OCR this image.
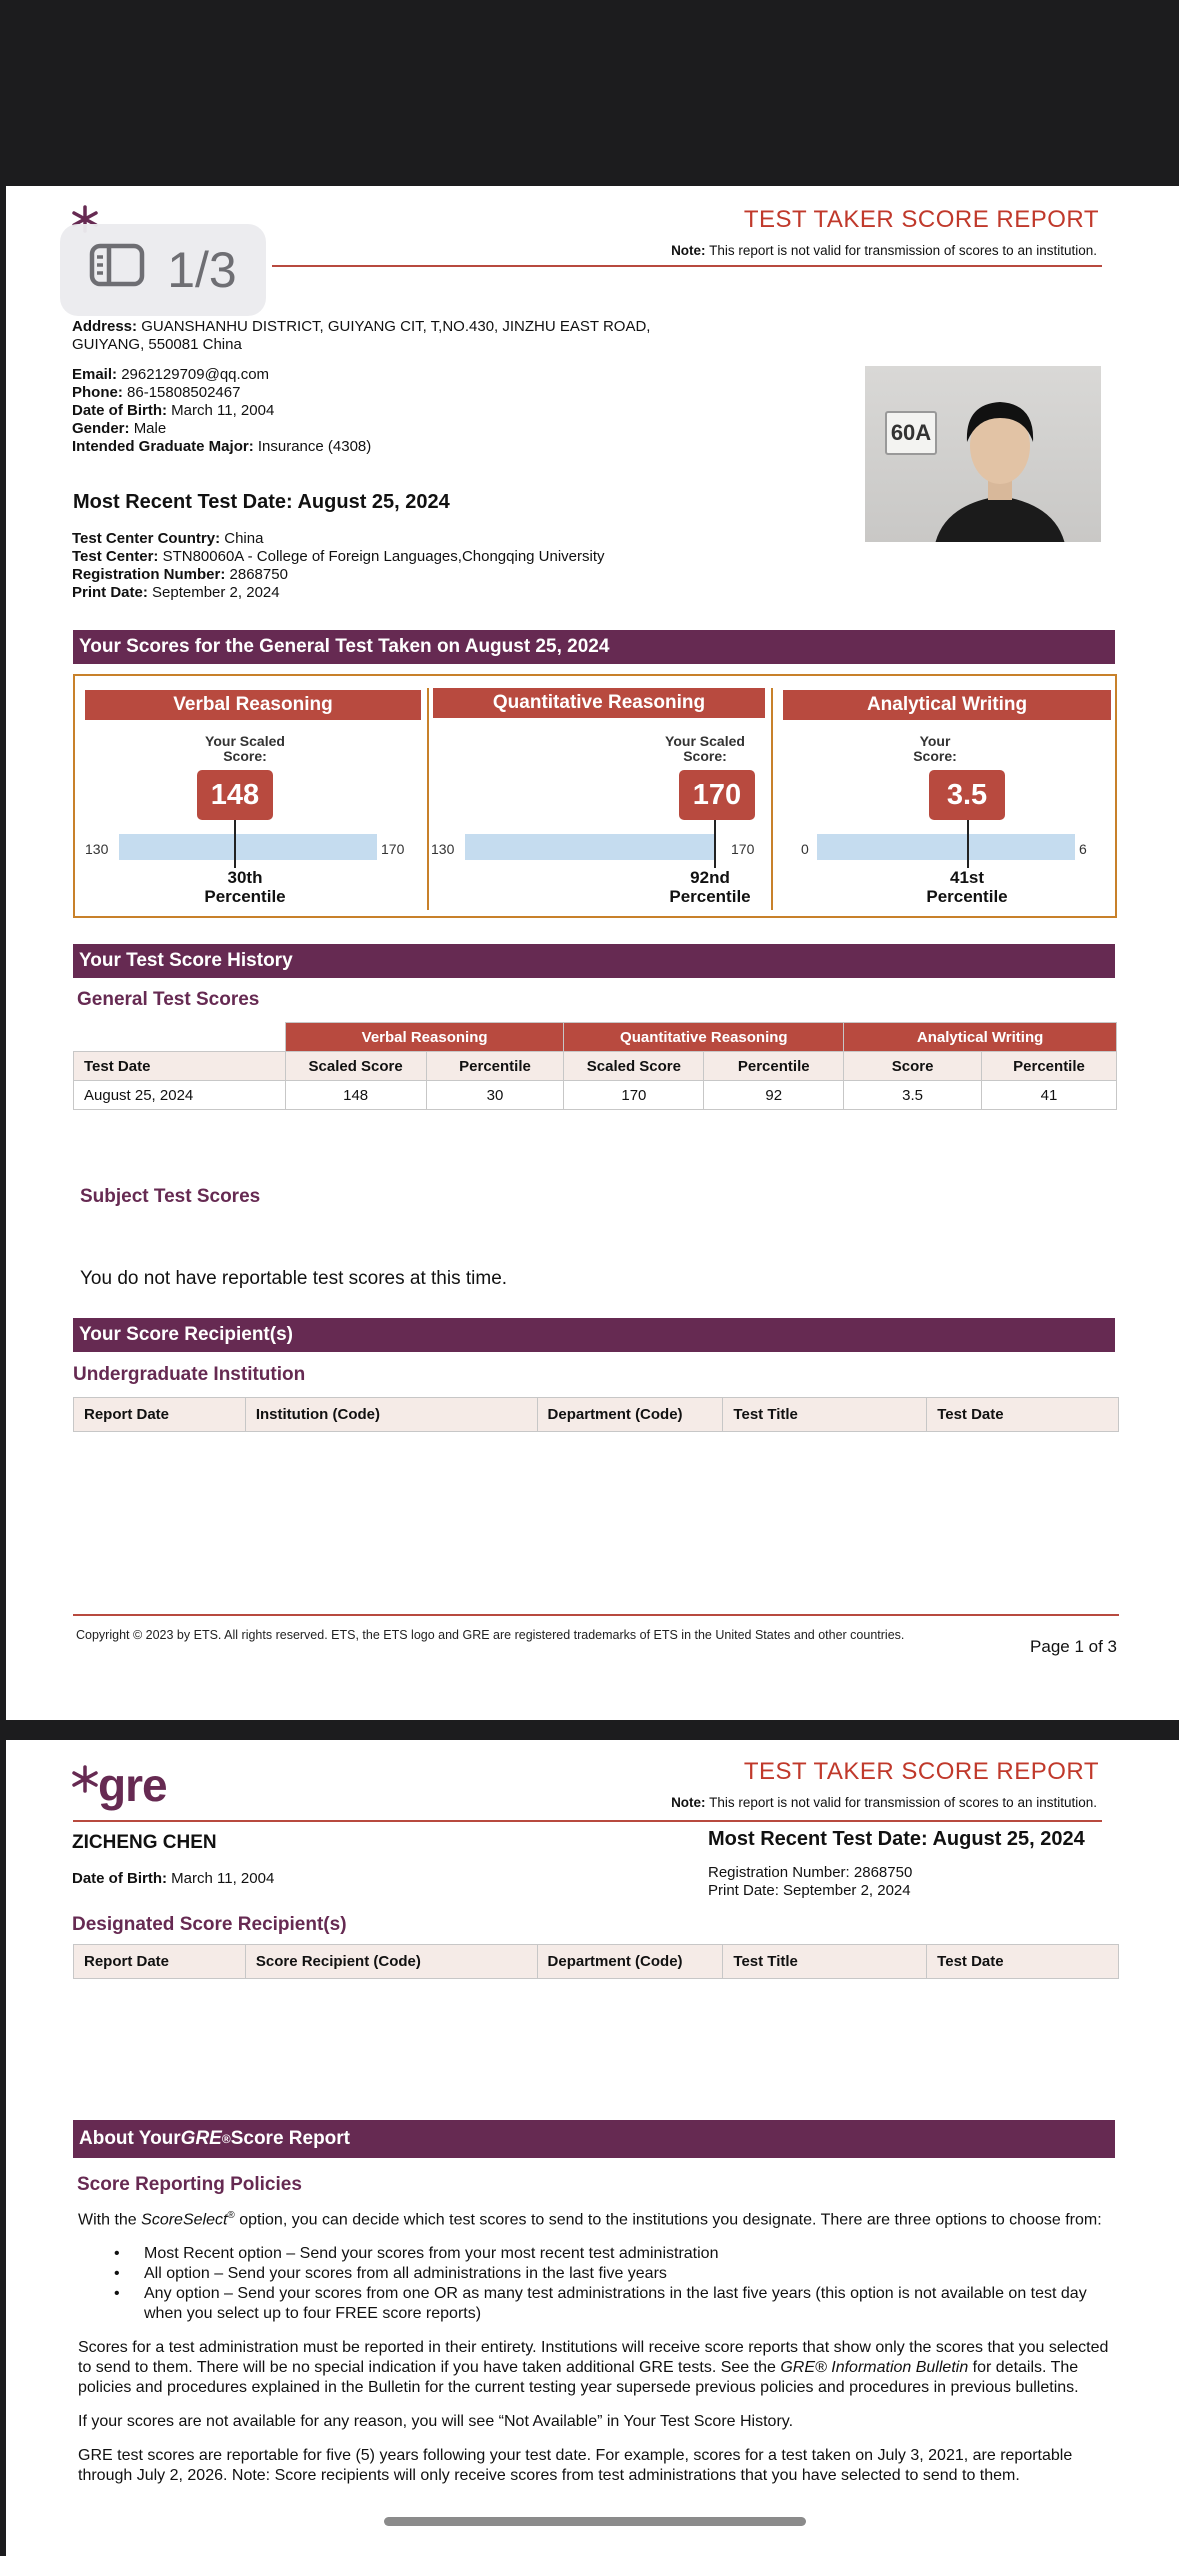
TEST TAKER SCORE REPORT
Note: This report is not valid for transmission of scores to an institution.
1/3
Address: GUANSHANHU DISTRICT, GUIYANG CIT, T,NO.430, JINZHU EAST ROAD,
GUIYANG, 550081 China
Email: 2962129709@qq.com
Phone: 86-15808502467
Date of Birth: March 11, 2004
Gender: Male
Intended Graduate Major: Insurance (4308)
60A
Most Recent Test Date: August 25, 2024
Test Center Country: China
Test Center: STN80060A - College of Foreign Languages,Chongqing University
Registration Number: 2868750
Print Date: September 2, 2024
Your Scores for the General Test Taken on August 25, 2024
Verbal Reasoning
Your Scaled
Score:
148
130	170
30th
Percentile
Quantitative Reasoning
Your Scaled
Score:
170
130	170
92nd
Percentile
Analytical Writing
Your
Score:
3.5
0	6
41st
Percentile
Your Test Score History
General Test Scores
	Verbal Reasoning		Quantitative Reasoning		Analytical Writing	
Test Date	Scaled Score	Percentile	Scaled Score	Percentile	Score	Percentile
August 25, 2024	148	30	170	92	3.5	41
Subject Test Scores
You do not have reportable test scores at this time.
Your Score Recipient(s)
Undergraduate Institution
Report Date	Institution (Code)	Department (Code)	Test Title	Test Date
Copyright © 2023 by ETS. All rights reserved. ETS, the ETS logo and GRE are registered trademarks of ETS in the United States and other countries.
Page 1 of 3
gre	TEST TAKER SCORE REPORT
Note: This report is not valid for transmission of scores to an institution.
ZICHENG CHEN
Date of Birth: March 11, 2004
Most Recent Test Date: August 25, 2024
Registration Number: 2868750
Print Date: September 2, 2024
Designated Score Recipient(s)
Report Date	Score Recipient (Code)	Department (Code)	Test Title	Test Date
About Your GRE ® Score Report
Score Reporting Policies
With the ScoreSelect® option, you can decide which test scores to send to the institutions you designate. There are three options to choose from:
• Most Recent option – Send your scores from your most recent test administration
• All option – Send your scores from all administrations in the last five years
• Any option – Send your scores from one OR as many test administrations in the last five years (this option is not available on test day when you select up to four FREE score reports)
Scores for a test administration must be reported in their entirety. Institutions will receive score reports that show only the scores that you selected to send to them. There will be no special indication if you have taken additional GRE tests. See the GRE® Information Bulletin for details. The policies and procedures explained in the Bulletin for the current testing year supersede previous policies and procedures in previous bulletins.
If your scores are not available for any reason, you will see “Not Available” in Your Test Score History.
GRE test scores are reportable for five (5) years following your test date. For example, scores for a test taken on July 3, 2021, are reportable
through July 2, 2026. Note: Score recipients will only receive scores from test administrations that you have selected to send to them.
